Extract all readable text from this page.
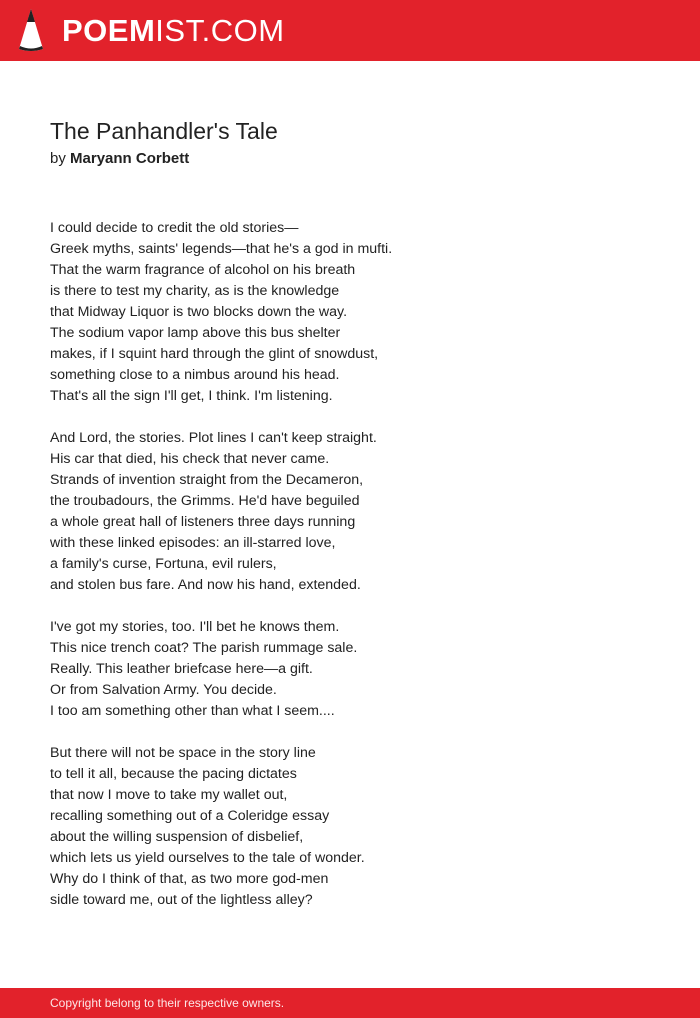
POEMIST.COM
The Panhandler's Tale
by Maryann Corbett
I could decide to credit the old stories—
Greek myths, saints' legends—that he's a god in mufti.
That the warm fragrance of alcohol on his breath
is there to test my charity, as is the knowledge
that Midway Liquor is two blocks down the way.
The sodium vapor lamp above this bus shelter
makes, if I squint hard through the glint of snowdust,
something close to a nimbus around his head.
That's all the sign I'll get, I think. I'm listening.
And Lord, the stories. Plot lines I can't keep straight.
His car that died, his check that never came.
Strands of invention straight from the Decameron,
the troubadours, the Grimms. He'd have beguiled
a whole great hall of listeners three days running
with these linked episodes: an ill-starred love,
a family's curse, Fortuna, evil rulers,
and stolen bus fare. And now his hand, extended.
I've got my stories, too. I'll bet he knows them.
This nice trench coat? The parish rummage sale.
Really. This leather briefcase here—a gift.
Or from Salvation Army. You decide.
I too am something other than what I seem....
But there will not be space in the story line
to tell it all, because the pacing dictates
that now I move to take my wallet out,
recalling something out of a Coleridge essay
about the willing suspension of disbelief,
which lets us yield ourselves to the tale of wonder.
Why do I think of that, as two more god-men
sidle toward me, out of the lightless alley?
Copyright belong to their respective owners.
